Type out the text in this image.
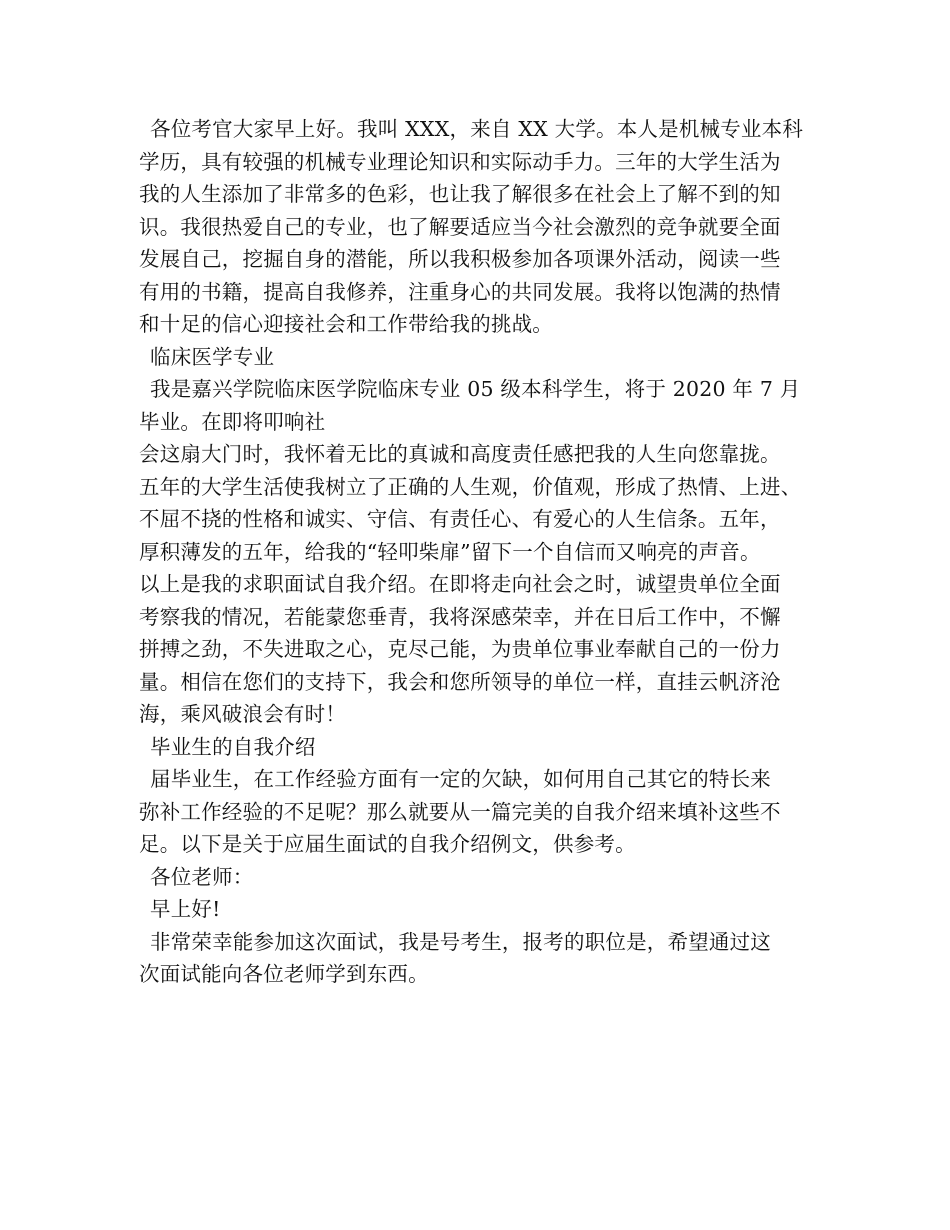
各位考官大家早上好。我叫 XXX，来自 XX 大学。本人是机械专业本科
学历，具有较强的机械专业理论知识和实际动手力。三年的大学生活为
我的人生添加了非常多的色彩，也让我了解很多在社会上了解不到的知
识。我很热爱自己的专业，也了解要适应当今社会激烈的竞争就要全面
发展自己，挖掘自身的潜能，所以我积极参加各项课外活动，阅读一些
有用的书籍，提高自我修养，注重身心的共同发展。我将以饱满的热情
和十足的信心迎接社会和工作带给我的挑战。
临床医学专业
我是嘉兴学院临床医学院临床专业 05 级本科学生，将于 2020 年 7 月
毕业。在即将叩响社
会这扇大门时，我怀着无比的真诚和高度责任感把我的人生向您靠拢。
五年的大学生活使我树立了正确的人生观，价值观，形成了热情、上进、
不屈不挠的性格和诚实、守信、有责任心、有爱心的人生信条。五年，
厚积薄发的五年，给我的“轻叩柴扉”留下一个自信而又响亮的声音。
以上是我的求职面试自我介绍。在即将走向社会之时，诚望贵单位全面
考察我的情况，若能蒙您垂青，我将深感荣幸，并在日后工作中，不懈
拼搏之劲，不失进取之心，克尽己能，为贵单位事业奉献自己的一份力
量。相信在您们的支持下，我会和您所领导的单位一样，直挂云帆济沧
海，乘风破浪会有时！
毕业生的自我介绍
届毕业生，在工作经验方面有一定的欠缺，如何用自己其它的特长来
弥补工作经验的不足呢？那么就要从一篇完美的自我介绍来填补这些不
足。以下是关于应届生面试的自我介绍例文，供参考。
各位老师：
早上好!
非常荣幸能参加这次面试，我是号考生，报考的职位是，希望通过这
次面试能向各位老师学到东西。
